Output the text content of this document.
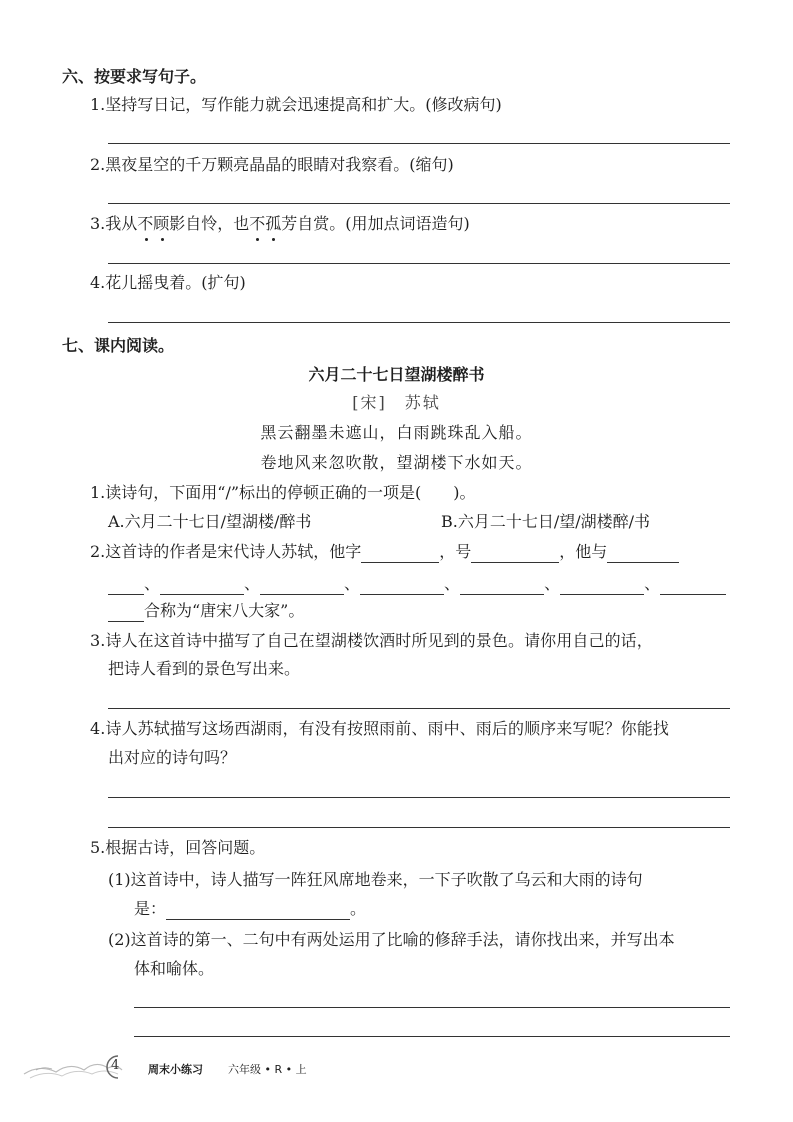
六、按要求写句子。
1.坚持写日记，写作能力就会迅速提高和扩大。(修改病句)
2.黑夜星空的千万颗亮晶晶的眼睛对我察看。(缩句)
3.我从不顾影自怜，也不孤芳自赏。(用加点词语造句)
4.花儿摇曳着。(扩句)
七、课内阅读。
六月二十七日望湖楼醉书
[宋]　苏轼
黑云翻墨未遮山，白雨跳珠乱入船。
卷地风来忽吹散，望湖楼下水如天。
1.读诗句，下面用“/”标出的停顿正确的一项是(　　)。
A.六月二十七日/望湖楼/醉书	B.六月二十七日/望/湖楼醉/书
2.这首诗的作者是宋代诗人苏轼，他字	，号	，他与
、	、	、	、	、	、
合称为“唐宋八大家”。
3.诗人在这首诗中描写了自己在望湖楼饮酒时所见到的景色。请你用自己的话，
把诗人看到的景色写出来。
4.诗人苏轼描写这场西湖雨，有没有按照雨前、雨中、雨后的顺序来写呢？你能找
出对应的诗句吗？
5.根据古诗，回答问题。
(1)这首诗中，诗人描写一阵狂风席地卷来，一下子吹散了乌云和大雨的诗句
是：	。
(2)这首诗的第一、二句中有两处运用了比喻的修辞手法，请你找出来，并写出本
体和喻体。
4	周末小练习 六年级 • R • 上
